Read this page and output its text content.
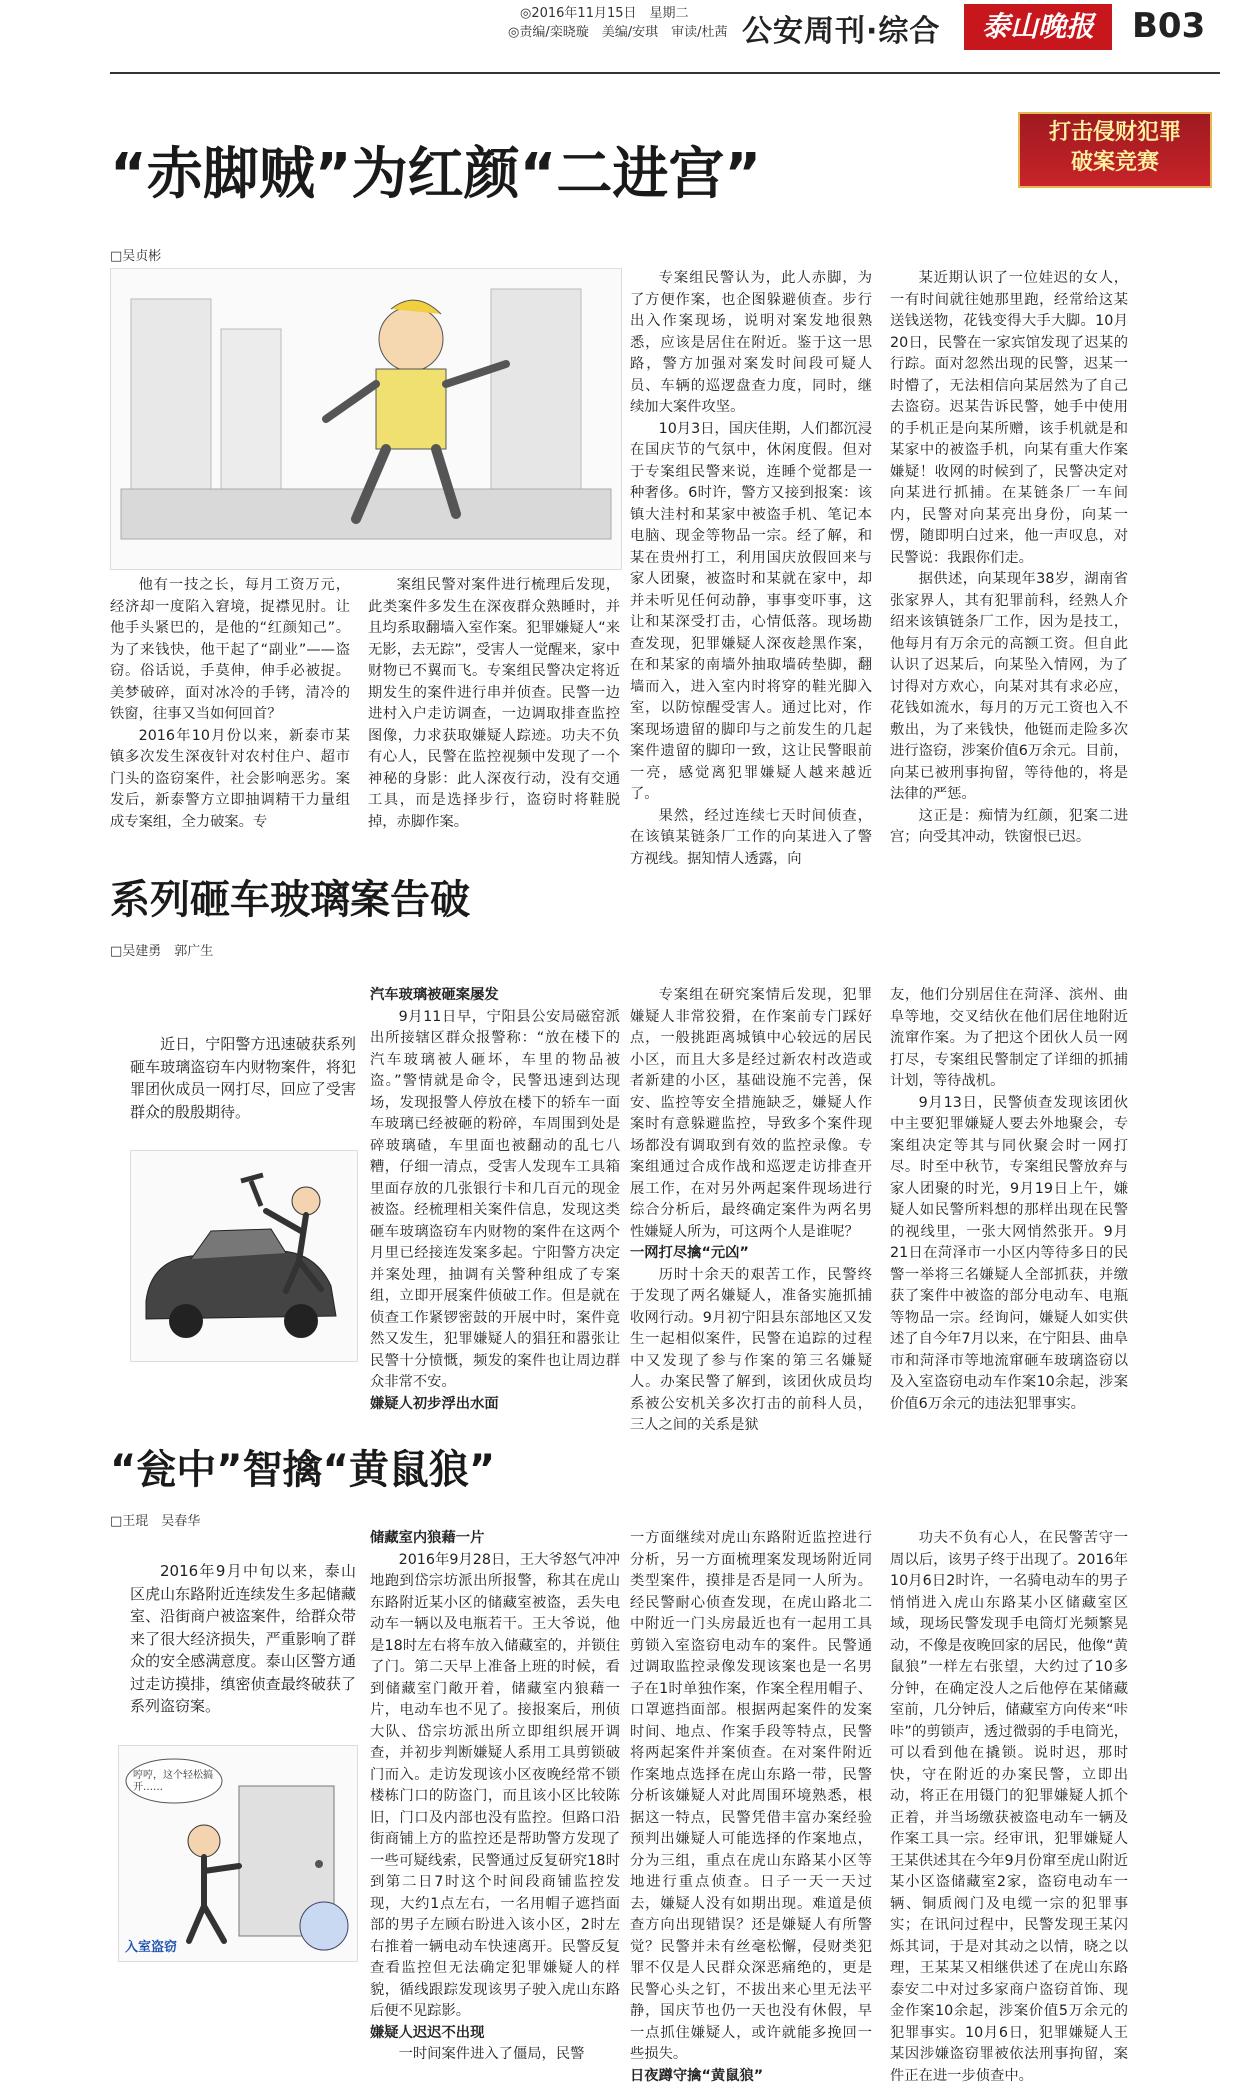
◎2016年11月15日　星期二
◎责编/栾晓璇　美编/安琪　审读/杜茜 公安周刊·综合	泰山晚报	B03
打击侵财犯罪
破案竞赛
“赤脚贼”为红颜“二进宫”
□吴贞彬

他有一技之长，每月工资万元，经济却一度陷入窘境，捉襟见肘。让他手头紧巴的，是他的“红颜知己”。为了来钱快，他干起了“副业”——盗窃。俗话说，手莫伸，伸手必被捉。美梦破碎，面对冰冷的手铐，清冷的铁窗，往事又当如何回首？

2016年10月份以来，新泰市某镇多次发生深夜针对农村住户、超市门头的盗窃案件，社会影响恶劣。案发后，新泰警方立即抽调精干力量组成专案组，全力破案。专

案组民警对案件进行梳理后发现，此类案件多发生在深夜群众熟睡时，并且均系取翻墙入室作案。犯罪嫌疑人“来无影，去无踪”，受害人一觉醒来，家中财物已不翼而飞。专案组民警决定将近期发生的案件进行串并侦查。民警一边进村入户走访调查，一边调取排查监控图像，力求获取嫌疑人踪迹。功夫不负有心人，民警在监控视频中发现了一个神秘的身影：此人深夜行动，没有交通工具，而是选择步行，盗窃时将鞋脱掉，赤脚作案。

专案组民警认为，此人赤脚，为了方便作案，也企图躲避侦查。步行出入作案现场，说明对案发地很熟悉，应该是居住在附近。鉴于这一思路，警方加强对案发时间段可疑人员、车辆的巡逻盘查力度，同时，继续加大案件攻坚。

10月3日，国庆佳期，人们都沉浸在国庆节的气氛中，休闲度假。但对于专案组民警来说，连睡个觉都是一种奢侈。6时许，警方又接到报案：该镇大洼村和某家中被盗手机、笔记本电脑、现金等物品一宗。经了解，和某在贵州打工，利用国庆放假回来与家人团聚，被盗时和某就在家中，却并未听见任何动静，事事变吓事，这让和某深受打击，心情低落。现场勘查发现，犯罪嫌疑人深夜趁黑作案，在和某家的南墙外抽取墙砖垫脚，翻墙而入，进入室内时将穿的鞋光脚入室，以防惊醒受害人。通过比对，作案现场遗留的脚印与之前发生的几起案件遗留的脚印一致，这让民警眼前一亮，感觉离犯罪嫌疑人越来越近了。

果然，经过连续七天时间侦查，在该镇某链条厂工作的向某进入了警方视线。据知情人透露，向

某近期认识了一位娃迟的女人，一有时间就往她那里跑，经常给这某送钱送物，花钱变得大手大脚。10月20日，民警在一家宾馆发现了迟某的行踪。面对忽然出现的民警，迟某一时懵了，无法相信向某居然为了自己去盗窃。迟某告诉民警，她手中使用的手机正是向某所赠，该手机就是和某家中的被盗手机，向某有重大作案嫌疑！收网的时候到了，民警决定对向某进行抓捕。在某链条厂一车间内，民警对向某亮出身份，向某一愣，随即明白过来，他一声叹息，对民警说：我跟你们走。

据供述，向某现年38岁，湖南省张家界人，其有犯罪前科，经熟人介绍来该镇链条厂工作，因为是技工，他每月有万余元的高额工资。但自此认识了迟某后，向某坠入情网，为了讨得对方欢心，向某对其有求必应，花钱如流水，每月的万元工资也入不敷出，为了来钱快，他铤而走险多次进行盗窃，涉案价值6万余元。目前，向某已被刑事拘留，等待他的，将是法律的严惩。

这正是：痴情为红颜，犯案二进宫；向受其冲动，铁窗恨已迟。

系列砸车玻璃案告破
□吴建勇　郭广生

近日，宁阳警方迅速破获系列砸车玻璃盗窃车内财物案件，将犯罪团伙成员一网打尽，回应了受害群众的殷殷期待。

汽车玻璃被砸案屡发

9月11日早，宁阳县公安局磁窑派出所接辖区群众报警称：“放在楼下的汽车玻璃被人砸坏，车里的物品被盗。”警情就是命令，民警迅速到达现场，发现报警人停放在楼下的轿车一面车玻璃已经被砸的粉碎，车周围到处是碎玻璃碴，车里面也被翻动的乱七八糟，仔细一清点，受害人发现车工具箱里面存放的几张银行卡和几百元的现金被盗。经梳理相关案件信息，发现这类砸车玻璃盗窃车内财物的案件在这两个月里已经接连发案多起。宁阳警方决定并案处理，抽调有关警种组成了专案组，立即开展案件侦破工作。但是就在侦查工作紧锣密鼓的开展中时，案件竟然又发生，犯罪嫌疑人的猖狂和嚣张让民警十分愤慨，频发的案件也让周边群众非常不安。

嫌疑人初步浮出水面

专案组在研究案情后发现，犯罪嫌疑人非常狡猾，在作案前专门踩好点，一般挑距离城镇中心较远的居民小区，而且大多是经过新农村改造或者新建的小区，基础设施不完善，保安、监控等安全措施缺乏，嫌疑人作案时有意躲避监控，导致多个案件现场都没有调取到有效的监控录像。专案组通过合成作战和巡逻走访排查开展工作，在对另外两起案件现场进行综合分析后，最终确定案件为两名男性嫌疑人所为，可这两个人是谁呢？

一网打尽擒“元凶”

历时十余天的艰苦工作，民警终于发现了两名嫌疑人，准备实施抓捕收网行动。9月初宁阳县东部地区又发生一起相似案件，民警在追踪的过程中又发现了参与作案的第三名嫌疑人。办案民警了解到，该团伙成员均系被公安机关多次打击的前科人员，三人之间的关系是狱

友，他们分别居住在菏泽、滨州、曲阜等地，交叉结伙在他们居住地附近流窜作案。为了把这个团伙人员一网打尽，专案组民警制定了详细的抓捕计划，等待战机。

9月13日，民警侦查发现该团伙中主要犯罪嫌疑人要去外地聚会，专案组决定等其与同伙聚会时一网打尽。时至中秋节，专案组民警放弃与家人团聚的时光，9月19日上午，嫌疑人如民警所料想的那样出现在民警的视线里，一张大网悄然张开。9月21日在菏泽市一小区内等待多日的民警一举将三名嫌疑人全部抓获，并缴获了案件中被盗的部分电动车、电瓶等物品一宗。经询问，嫌疑人如实供述了自今年7月以来，在宁阳县、曲阜市和菏泽市等地流窜砸车玻璃盗窃以及入室盗窃电动车作案10余起，涉案价值6万余元的违法犯罪事实。

“瓮中”智擒“黄鼠狼”
□王琨　吴春华

2016年9月中旬以来，泰山区虎山东路附近连续发生多起储藏室、沿街商户被盗案件，给群众带来了很大经济损失，严重影响了群众的安全感满意度。泰山区警方通过走访摸排，缜密侦查最终破获了系列盗窃案。

哼哼，这个轻松搞开……
入室盗窃
储藏室内狼藉一片

2016年9月28日，王大爷怒气冲冲地跑到岱宗坊派出所报警，称其在虎山东路附近某小区的储藏室被盗，丢失电动车一辆以及电瓶若干。王大爷说，他是18时左右将车放入储藏室的，并锁住了门。第二天早上准备上班的时候，看到储藏室门敞开着，储藏室内狼藉一片，电动车也不见了。接报案后，刑侦大队、岱宗坊派出所立即组织展开调查，并初步判断嫌疑人系用工具剪锁破门而入。走访发现该小区夜晚经常不锁楼栋门口的防盗门，而且该小区比较陈旧，门口及内部也没有监控。但路口沿街商铺上方的监控还是帮助警方发现了一些可疑线索，民警通过反复研究18时到第二日7时这个时间段商铺监控发现，大约1点左右，一名用帽子遮挡面部的男子左顾右盼进入该小区，2时左右推着一辆电动车快速离开。民警反复查看监控但无法确定犯罪嫌疑人的样貌，循线跟踪发现该男子驶入虎山东路后便不见踪影。

嫌疑人迟迟不出现

一时间案件进入了僵局，民警

一方面继续对虎山东路附近监控进行分析，另一方面梳理案发现场附近同类型案件，摸排是否是同一人所为。经民警耐心侦查发现，在虎山路北二中附近一门头房最近也有一起用工具剪锁入室盗窃电动车的案件。民警通过调取监控录像发现该案也是一名男子在1时单独作案，作案全程用帽子、口罩遮挡面部。根据两起案件的发案时间、地点、作案手段等特点，民警将两起案件并案侦查。在对案件附近作案地点选择在虎山东路一带，民警分析该嫌疑人对此周围环境熟悉，根据这一特点，民警凭借丰富办案经验预判出嫌疑人可能选择的作案地点，分为三组，重点在虎山东路某小区等地进行重点侦查。日子一天一天过去，嫌疑人没有如期出现。难道是侦查方向出现错误？还是嫌疑人有所警觉？民警并未有丝毫松懈，侵财类犯罪不仅是人民群众深恶痛绝的，更是民警心头之钉，不拔出来心里无法平静，国庆节也仍一天也没有休假，早一点抓住嫌疑人，或许就能多挽回一些损失。

日夜蹲守擒“黄鼠狼”

功夫不负有心人，在民警苦守一周以后，该男子终于出现了。2016年10月6日2时许，一名骑电动车的男子悄悄进入虎山东路某小区储藏室区域，现场民警发现手电筒灯光频繁晃动，不像是夜晚回家的居民，他像“黄鼠狼”一样左右张望，大约过了10多分钟，在确定没人之后他停在某储藏室前，几分钟后，储藏室方向传来“咔咔”的剪锁声，透过微弱的手电筒光，可以看到他在撬锁。说时迟，那时快，守在附近的办案民警，立即出动，将正在用镊门的犯罪嫌疑人抓个正着，并当场缴获被盗电动车一辆及作案工具一宗。经审讯，犯罪嫌疑人王某供述其在今年9月份窜至虎山附近某小区盗储藏室2家，盗窃电动车一辆、铜质阀门及电缆一宗的犯罪事实；在讯问过程中，民警发现王某闪烁其词，于是对其动之以情，晓之以理，王某某又相继供述了在虎山东路泰安二中对过多家商户盗窃首饰、现金作案10余起，涉案价值5万余元的犯罪事实。10月6日，犯罪嫌疑人王某因涉嫌盗窃罪被依法刑事拘留，案件正在进一步侦查中。
